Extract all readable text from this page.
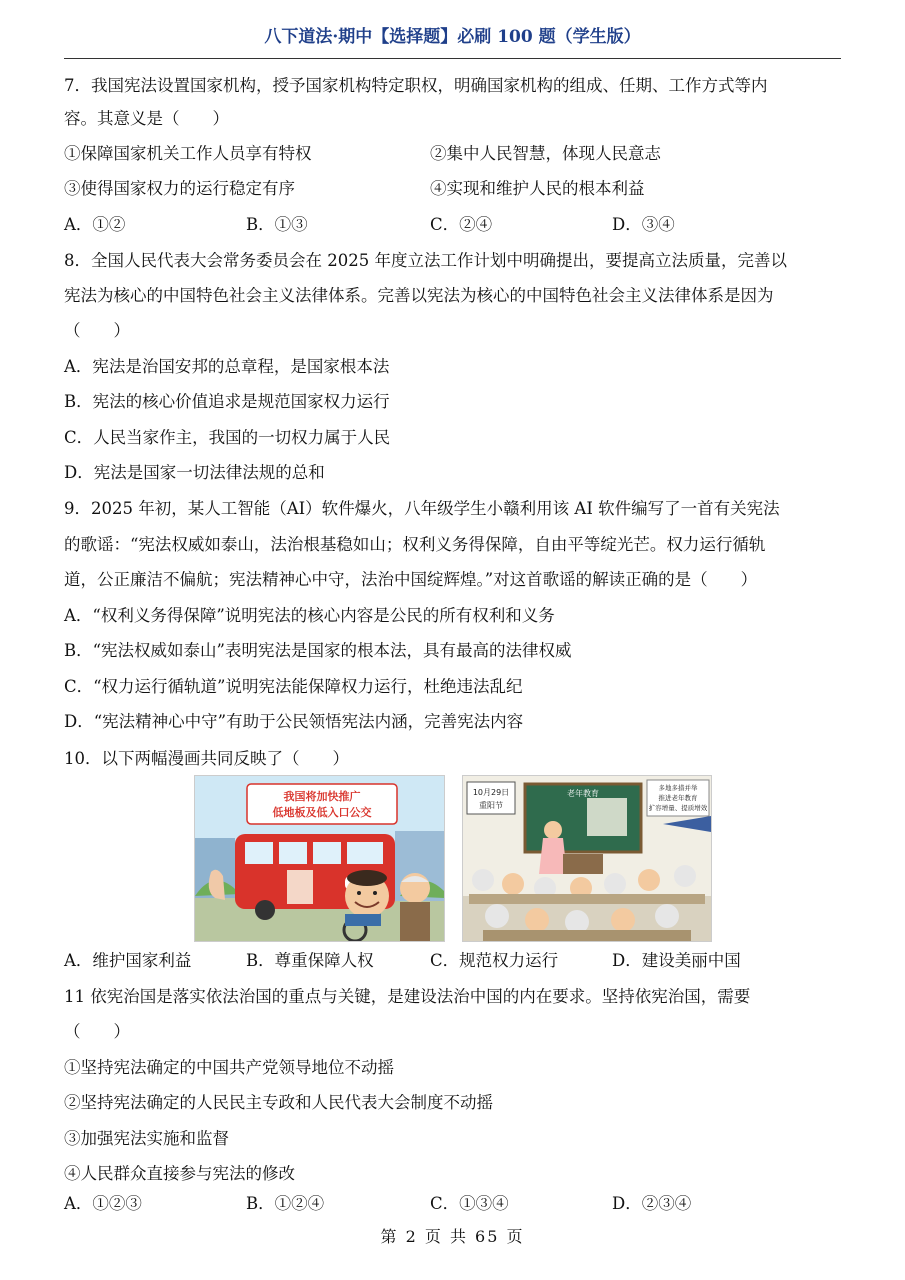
八下道法·期中【选择题】必刷 100 题（学生版）
7．我国宪法设置国家机构，授予国家机构特定职权，明确国家机构的组成、任期、工作方式等内
容。其意义是（　　）
①保障国家机关工作人员享有特权	②集中人民智慧，体现人民意志
③使得国家权力的运行稳定有序	④实现和维护人民的根本利益
A．①②	B．①③	C．②④	D．③④
8．全国人民代表大会常务委员会在 2025 年度立法工作计划中明确提出，要提高立法质量，完善以
宪法为核心的中国特色社会主义法律体系。完善以宪法为核心的中国特色社会主义法律体系是因为
（　　）
A．宪法是治国安邦的总章程，是国家根本法
B．宪法的核心价值追求是规范国家权力运行
C．人民当家作主，我国的一切权力属于人民
D．宪法是国家一切法律法规的总和
9．2025 年初，某人工智能（AI）软件爆火，八年级学生小赣利用该 AI 软件编写了一首有关宪法
的歌谣：“宪法权威如泰山，法治根基稳如山；权利义务得保障，自由平等绽光芒。权力运行循轨
道，公正廉洁不偏航；宪法精神心中守，法治中国绽辉煌。”对这首歌谣的解读正确的是（　　）
A．“权利义务得保障”说明宪法的核心内容是公民的所有权利和义务
B．“宪法权威如泰山”表明宪法是国家的根本法，具有最高的法律权威
C．“权力运行循轨道”说明宪法能保障权力运行，杜绝违法乱纪
D．“宪法精神心中守”有助于公民领悟宪法内涵，完善宪法内容
10．以下两幅漫画共同反映了（　　）
我国将加快推广
低地板及低入口公交
10月29日
重阳节
老年教育
多地多措并举
推进老年教育
扩容增量、提质增效
A．维护国家利益	B．尊重保障人权	C．规范权力运行	D．建设美丽中国
11 依宪治国是落实依法治国的重点与关键，是建设法治中国的内在要求。坚持依宪治国，需要
（　　）
①坚持宪法确定的中国共产党领导地位不动摇
②坚持宪法确定的人民民主专政和人民代表大会制度不动摇
③加强宪法实施和监督
④人民群众直接参与宪法的修改
A．①②③	B．①②④	C．①③④	D．②③④
第 2 页 共 65 页
